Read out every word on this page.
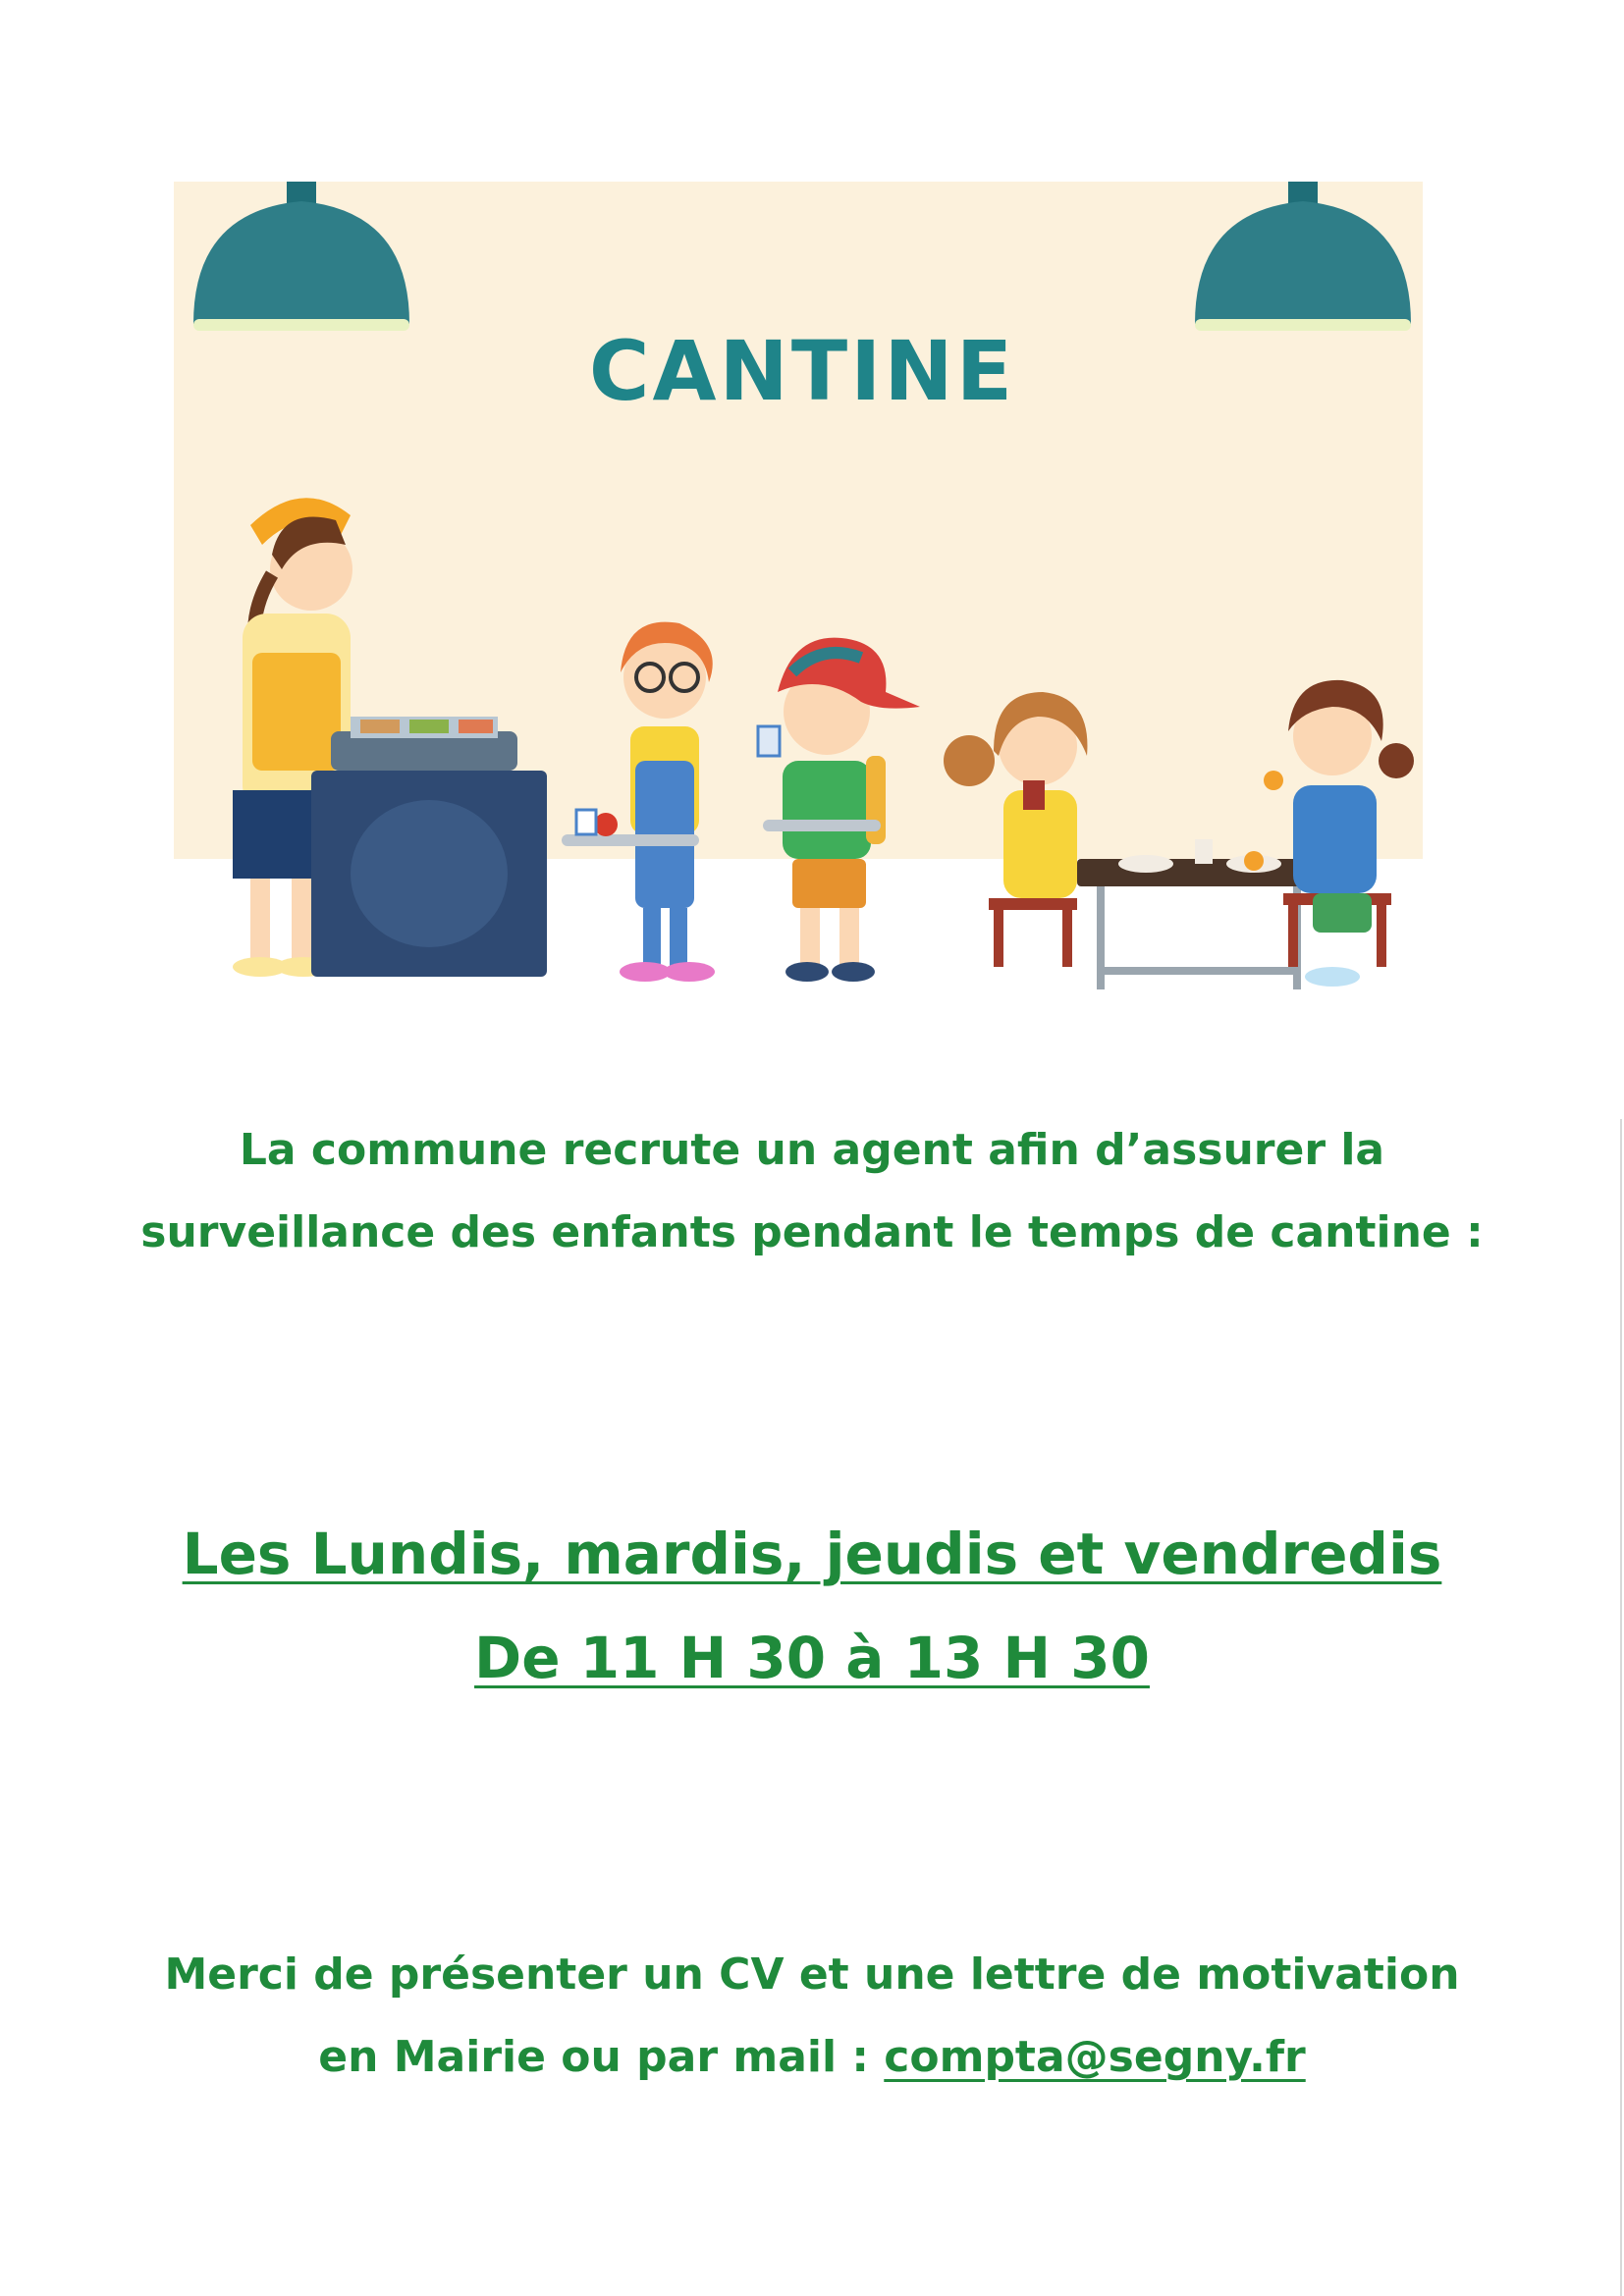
CANTINE
La commune recrute un agent afin d’assurer la
surveillance des enfants pendant le temps de cantine :
Les Lundis, mardis, jeudis et vendredis
De 11 H 30 à 13 H 30
Merci de présenter un CV et une lettre de motivation
en Mairie ou par mail : compta@segny.fr
